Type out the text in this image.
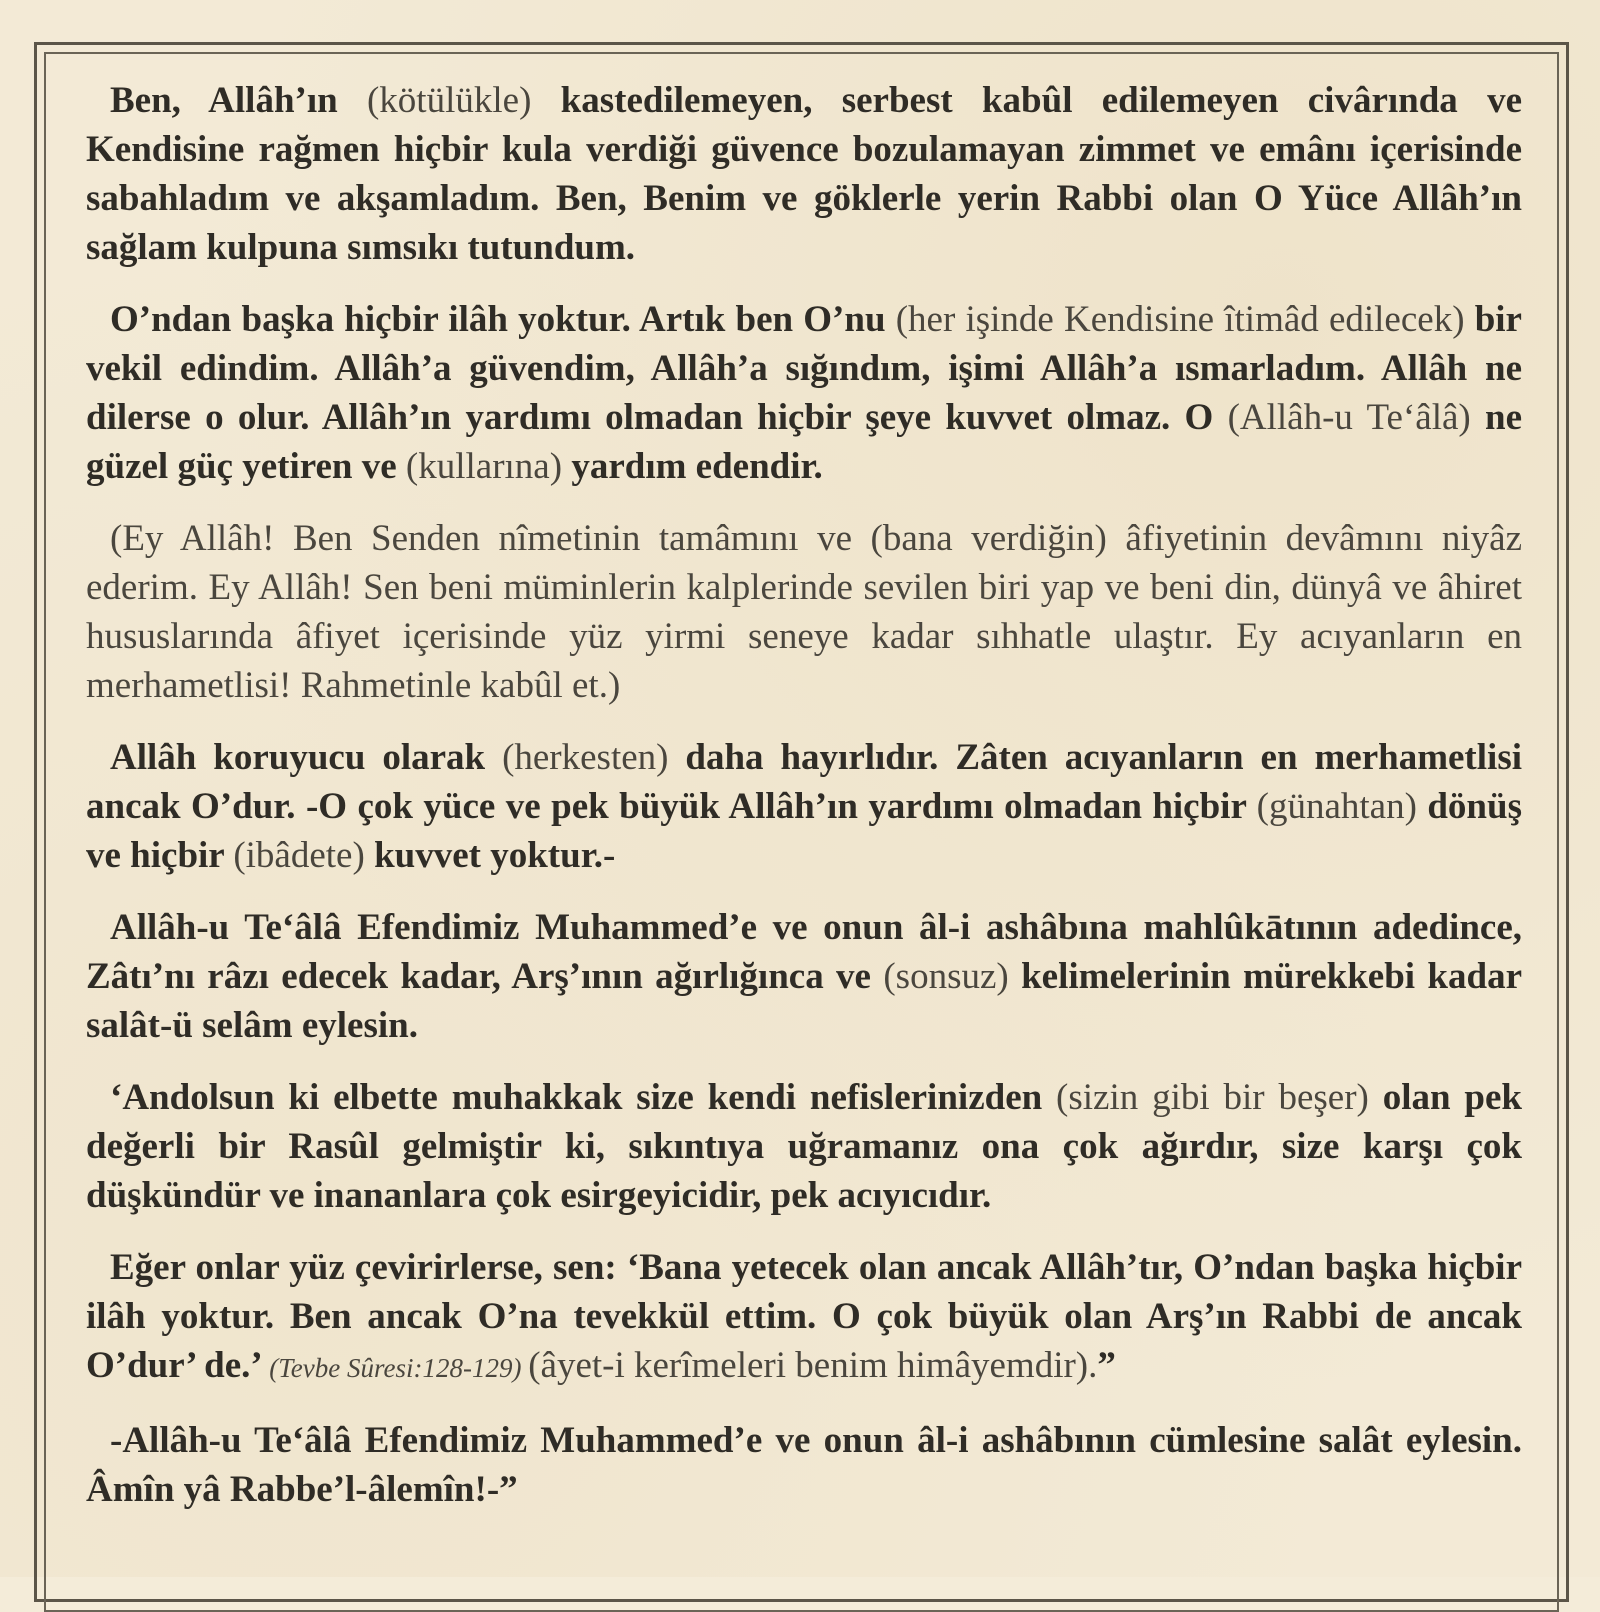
Ben, Allâh’ın (kötülükle) kastedilemeyen, serbest kabûl edilemeyen civârında ve Kendisine rağmen hiçbir kula verdiği güvence bozulamayan zimmet ve emânı içerisinde sabahladım ve akşamladım. Ben, Benim ve göklerle yerin Rabbi olan O Yüce Allâh’ın sağlam kulpuna sımsıkı tutundum.

O’ndan başka hiçbir ilâh yoktur. Artık ben O’nu (her işinde Kendisine îtimâd edilecek) bir vekil edindim. Allâh’a güvendim, Allâh’a sığındım, işimi Allâh’a ısmarladım. Allâh ne dilerse o olur. Allâh’ın yardımı olmadan hiçbir şeye kuvvet olmaz. O (Allâh-u Te‘âlâ) ne güzel güç yetiren ve (kullarına) yardım edendir.

(Ey Allâh! Ben Senden nîmetinin tamâmını ve (bana verdiğin) âfiyetinin devâmını niyâz ederim. Ey Allâh! Sen beni müminlerin kalplerinde sevilen biri yap ve beni din, dünyâ ve âhiret hususlarında âfiyet içerisinde yüz yirmi seneye kadar sıhhatle ulaştır. Ey acıyanların en merhametlisi! Rahmetinle kabûl et.)

Allâh koruyucu olarak (herkesten) daha hayırlıdır. Zâten acıyanların en merhametlisi ancak O’dur. -O çok yüce ve pek büyük Allâh’ın yardımı olmadan hiçbir (günahtan) dönüş ve hiçbir (ibâdete) kuvvet yoktur.-

Allâh-u Te‘âlâ Efendimiz Muhammed’e ve onun âl-i ashâbına mahlûkātının adedince, Zâtı’nı râzı edecek kadar, Arş’ının ağırlığınca ve (sonsuz) kelimelerinin mürekkebi kadar salât-ü selâm eylesin.

‘Andolsun ki elbette muhakkak size kendi nefislerinizden (sizin gibi bir beşer) olan pek değerli bir Rasûl gelmiştir ki, sıkıntıya uğramanız ona çok ağırdır, size karşı çok düşkündür ve inananlara çok esirgeyicidir, pek acıyıcıdır.

Eğer onlar yüz çevirirlerse, sen: ‘Bana yetecek olan ancak Allâh’tır, O’ndan başka hiçbir ilâh yoktur. Ben ancak O’na tevekkül ettim. O çok büyük olan Arş’ın Rabbi de ancak O’dur’ de.’ (Tevbe Sûresi:128-129) (âyet-i kerîmeleri benim himâyemdir).”

-Allâh-u Te‘âlâ Efendimiz Muhammed’e ve onun âl-i ashâbının cümlesine salât eylesin. Âmîn yâ Rabbe’l-âlemîn!-”
